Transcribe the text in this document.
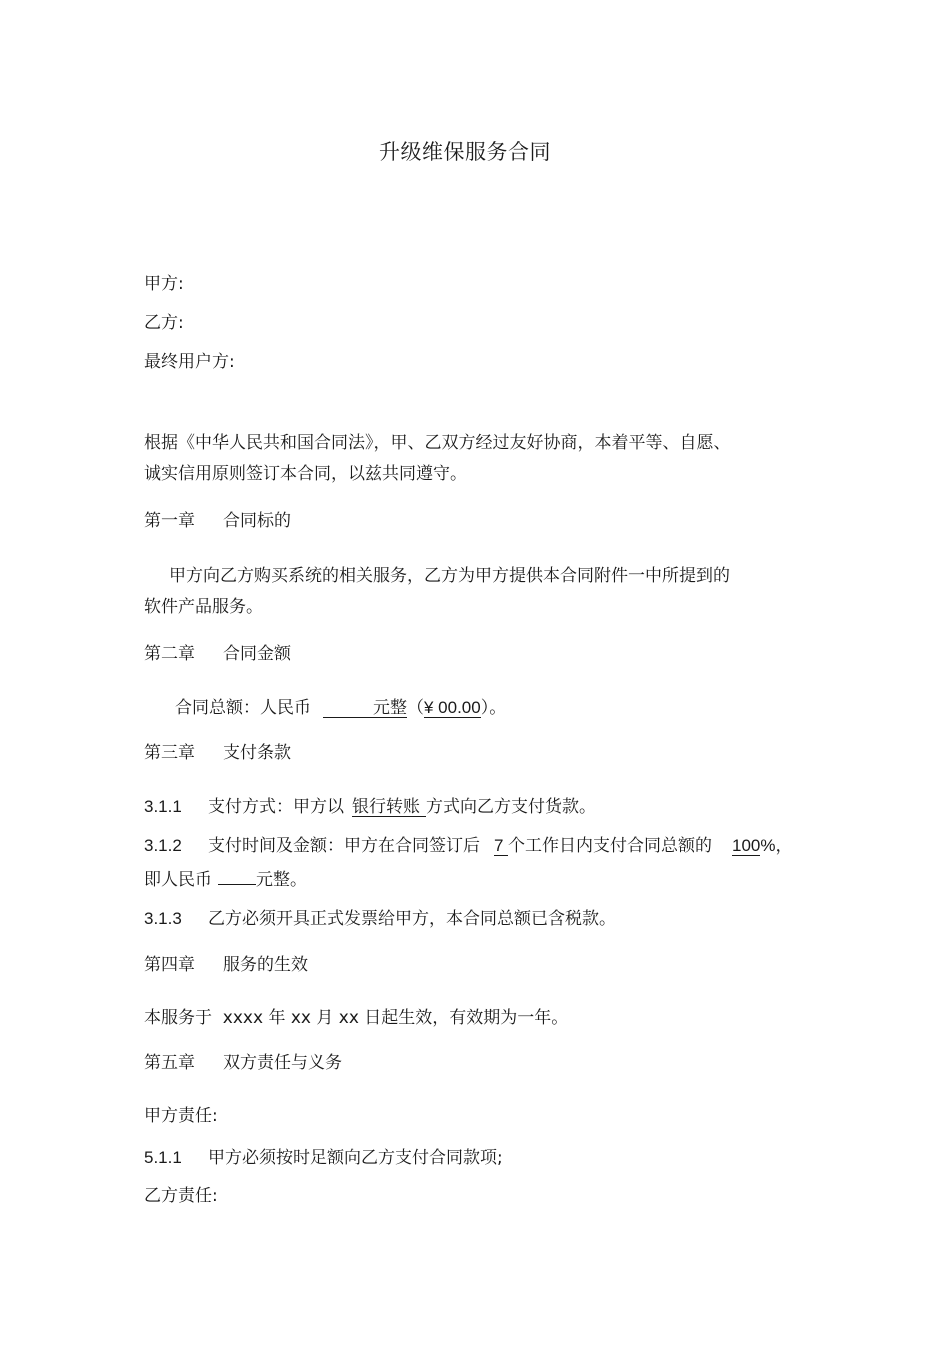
升级维保服务合同
甲方:
乙方:
最终用户方:
根据《中华人民共和国合同法》，甲、乙双方经过友好协商，本着平等、自愿、
诚实信用原则签订本合同，以兹共同遵守。
第一章 合同标的
甲方向乙方购买系统的相关服务，乙方为甲方提供本合同附件一中所提到的
软件产品服务。
第二章 合同金额
合同总额：人民币	元整（¥ 00.00）。
第三章 支付条款
3.1.1 支付方式：甲方以 银行转账 方式向乙方支付货款。
3.1.2 支付时间及金额：甲方在合同签订后 7 个工作日内支付合同总额的 100%，
即人民币	元整。
3.1.3 乙方必须开具正式发票给甲方，本合同总额已含税款。
第四章 服务的生效
本服务于  xxxx 年 xx 月 xx 日起生效，有效期为一年。
第五章 双方责任与义务
甲方责任:
5.1.1 甲方必须按时足额向乙方支付合同款项;
乙方责任:
